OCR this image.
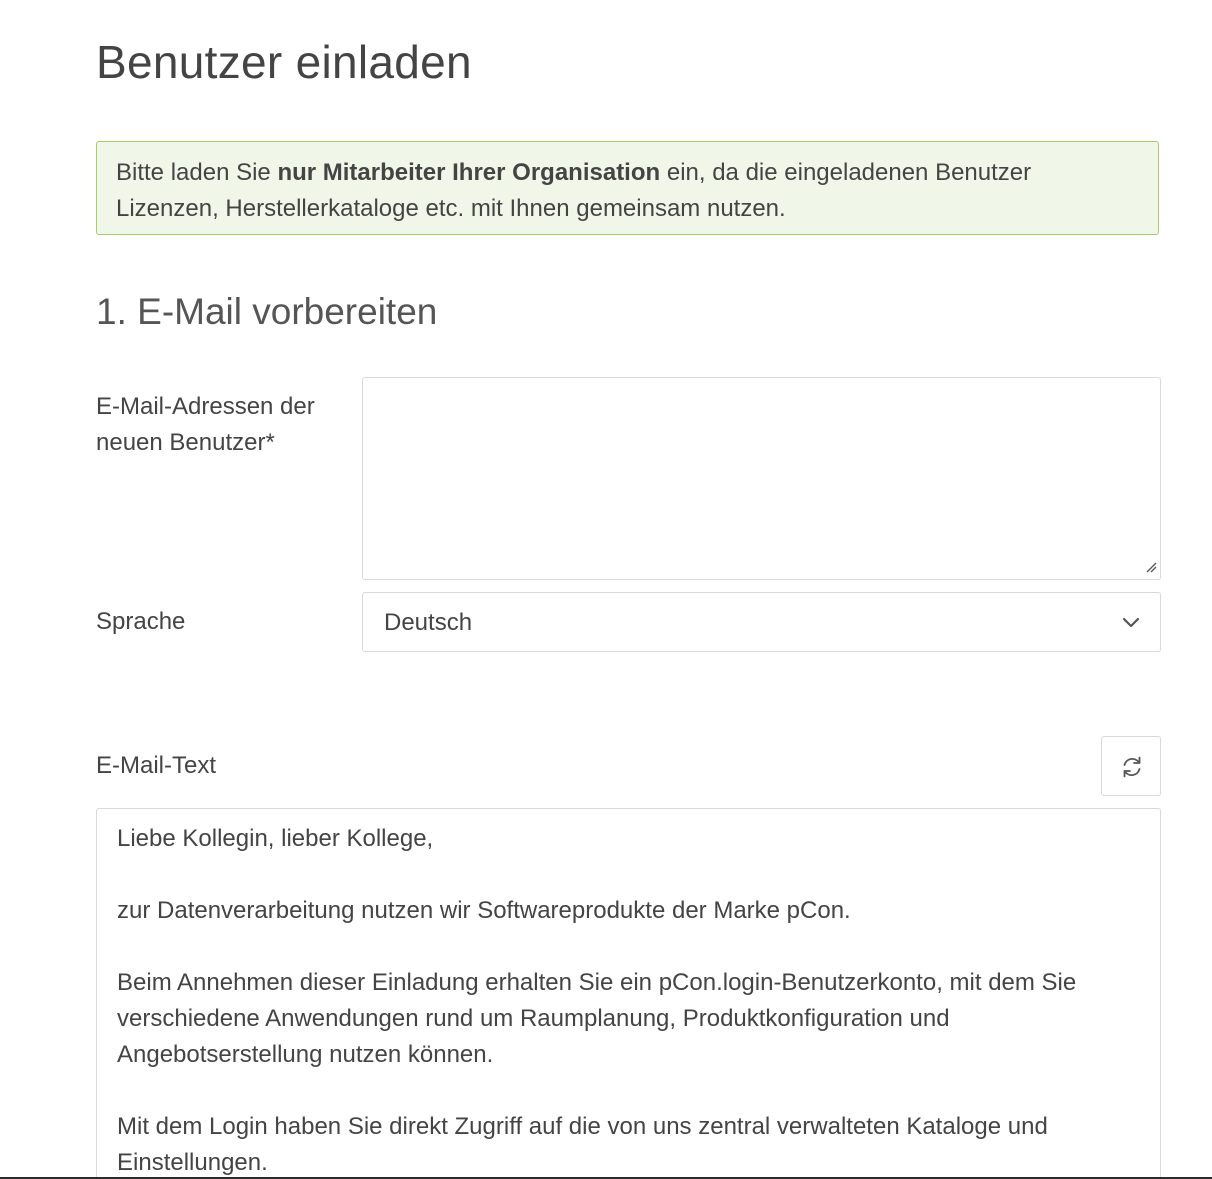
Benutzer einladen
Bitte laden Sie nur Mitarbeiter Ihrer Organisation ein, da die eingeladenen Benutzer Lizenzen, Herstellerkataloge etc. mit Ihnen gemeinsam nutzen.
1. E-Mail vorbereiten
E-Mail-Adressen der neuen Benutzer*
Sprache	Deutsch
E-Mail-Text

Liebe Kollegin, lieber Kollege,

zur Datenverarbeitung nutzen wir Softwareprodukte der Marke pCon.

Beim Annehmen dieser Einladung erhalten Sie ein pCon.login-Benutzerkonto, mit dem Sie verschiedene Anwendungen rund um Raumplanung, Produktkonfiguration und Angebotserstellung nutzen können.

Mit dem Login haben Sie direkt Zugriff auf die von uns zentral verwalteten Kataloge und Einstellungen.
